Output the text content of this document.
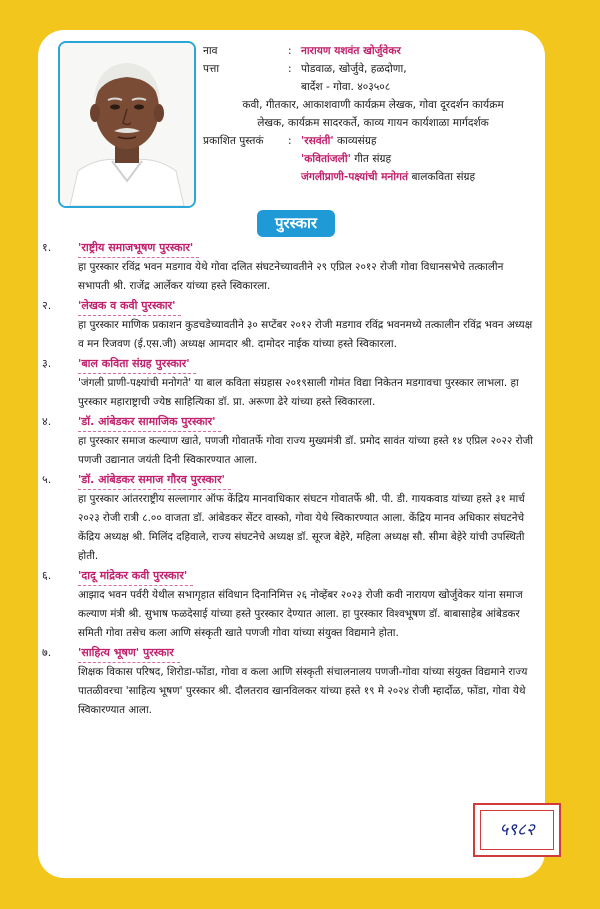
नाव	: नारायण यशवंत खोर्जुवेकर
पत्ता	: पोडवाळ, खोर्जुवे, हळदोणा,
बार्देश - गोवा. ४०३५०८
कवी, गीतकार, आकाशवाणी कार्यक्रम लेखक, गोवा दूरदर्शन कार्यक्रम
लेखक, कार्यक्रम सादरकर्ते, काव्य गायन कार्यशाळा मार्गदर्शक
प्रकाशित पुस्तकं : 'रसवंती' काव्यसंग्रह
'कवितांजली' गीत संग्रह
जंगलीप्राणी-पक्ष्यांची मनोगतं बालकविता संग्रह
पुरस्कार
१. 'राष्ट्रीय समाजभूषण पुरस्कार'
हा पुरस्कार रविंद्र भवन मडगाव येथे गोवा दलित संघटनेच्यावतीने २९ एप्रिल २०१२ रोजी गोवा विधानसभेचे तत्कालीन सभापती श्री. राजेंद्र आर्लेकर यांच्या हस्ते स्विकारला.
२. 'लेखक व कवी पुरस्कार'
हा पुरस्कार माणिक प्रकाशन कुडचडेच्यावतीने ३० सप्टेंबर २०१२ रोजी मडगाव रविंद्र भवनमध्ये तत्कालीन रविंद्र भवन अध्यक्ष व मन रिजवण (ई.एस.जी) अध्यक्ष आमदार श्री. दामोदर नाईक यांच्या हस्ते स्विकारला.
३. 'बाल कविता संग्रह पुरस्कार'
'जंगली प्राणी-पक्ष्यांची मनोगते' या बाल कविता संग्रहास २०१९साली गोमंत विद्या निकेतन मडगावचा पुरस्कार लाभला. हा पुरस्कार महाराष्ट्राची ज्येष्ठ साहित्यिका डॉ. प्रा. अरूणा ढेरे यांच्या हस्ते स्विकारला.
४. 'डॉ. आंबेडकर सामाजिक पुरस्कार'
हा पुरस्कार समाज कल्याण खाते, पणजी गोवातर्फे गोवा राज्य मुख्यमंत्री डॉ. प्रमोद सावंत यांच्या हस्ते १४ एप्रिल २०२२ रोजी पणजी उद्यानात जयंती दिनी स्विकारण्यात आला.
५. 'डॉ. आंबेडकर समाज गौरव पुरस्कार'
हा पुरस्कार आंतरराष्ट्रीय सल्लागार ऑफ केंद्रिय मानवाधिकार संघटन गोवातर्फे श्री. पी. डी. गायकवाड यांच्या हस्ते ३१ मार्च २०२३ रोजी रात्री ८.०० वाजता डॉ. आंबेडकर सेंटर वास्को, गोवा येथे स्विकारण्यात आला. केंद्रिय मानव अधिकार संघटनेचे केंद्रिय अध्यक्ष श्री. मिलिंद दहिवाले, राज्य संघटनेचे अध्यक्ष डॉ. सूरज बेहेरे, महिला अध्यक्ष सौ. सीमा बेहेरे यांची उपस्थिती होती.
६. 'दादू मांद्रेकर कवी पुरस्कार'
आझाद भवन पर्वरी येथील सभागृहात संविधान दिनानिमित्त २६ नोव्हेंबर २०२३ रोजी कवी नारायण खोर्जुवेकर यांना समाज कल्याण मंत्री श्री. सुभाष फळदेसाई यांच्या हस्ते पुरस्कार देण्यात आला. हा पुरस्कार विश्वभूषण डॉ. बाबासाहेब आंबेडकर समिती गोवा तसेच कला आणि संस्कृती खाते पणजी गोवा यांच्या संयुक्त विद्यमाने होता.
७. 'साहित्य भूषण' पुरस्कार
शिक्षक विकास परिषद, शिरोडा-फोंडा, गोवा व कला आणि संस्कृती संचालनालय पणजी-गोवा यांच्या संयुक्त विद्यमाने राज्य पातळीवरचा 'साहित्य भूषण' पुरस्कार श्री. दौलतराव खानविलकर यांच्या हस्ते १९ मे २०२४ रोजी म्हार्दोळ, फोंडा, गोवा येथे स्विकारण्यात आला.
५९८२
